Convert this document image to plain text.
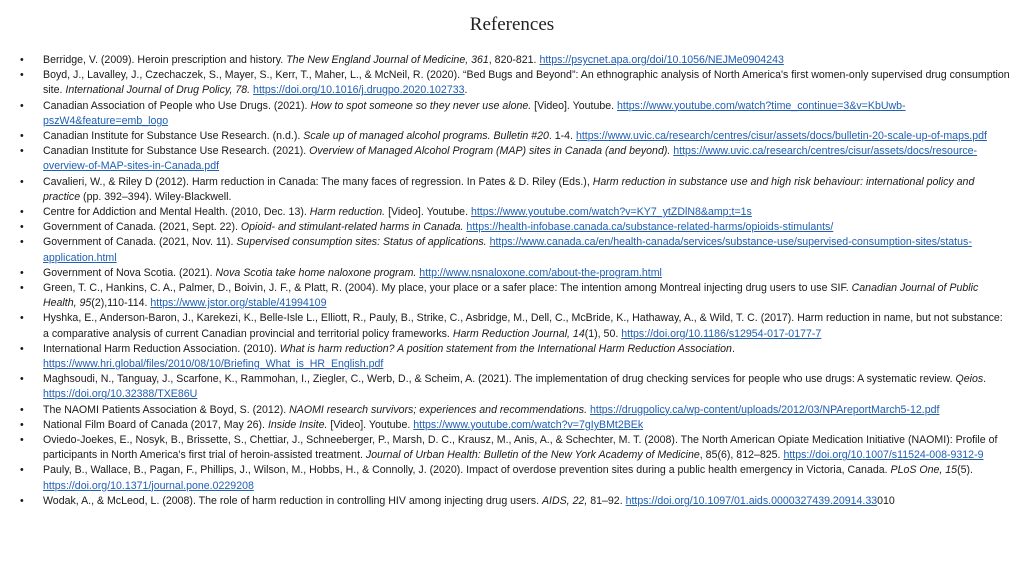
References
• Berridge, V. (2009). Heroin prescription and history. The New England Journal of Medicine, 361, 820-821. https://psycnet.apa.org/doi/10.1056/NEJMe0904243
• Boyd, J., Lavalley, J., Czechaczek, S., Mayer, S., Kerr, T., Maher, L., & McNeil, R. (2020). “Bed Bugs and Beyond”: An ethnographic analysis of North America's first women-only supervised drug consumption site. International Journal of Drug Policy, 78. https://doi.org/10.1016/j.drugpo.2020.102733.
• Canadian Association of People who Use Drugs. (2021). How to spot someone so they never use alone. [Video]. Youtube. https://www.youtube.com/watch?time_continue=3&v=KbUwb-pszW4&feature=emb_logo
• Canadian Institute for Substance Use Research. (n.d.). Scale up of managed alcohol programs. Bulletin #20. 1-4. https://www.uvic.ca/research/centres/cisur/assets/docs/bulletin-20-scale-up-of-maps.pdf
• Canadian Institute for Substance Use Research. (2021). Overview of Managed Alcohol Program (MAP) sites in Canada (and beyond). https://www.uvic.ca/research/centres/cisur/assets/docs/resource-overview-of-MAP-sites-in-Canada.pdf
• Cavalieri, W., & Riley D (2012). Harm reduction in Canada: The many faces of regression. In Pates & D. Riley (Eds.), Harm reduction in substance use and high risk behaviour: international policy and practice (pp. 392–394). Wiley-Blackwell.
• Centre for Addiction and Mental Health. (2010, Dec. 13). Harm reduction. [Video]. Youtube. https://www.youtube.com/watch?v=KY7_ytZDlN8&amp;t=1s
• Government of Canada. (2021, Sept. 22). Opioid- and stimulant-related harms in Canada. https://health-infobase.canada.ca/substance-related-harms/opioids-stimulants/
• Government of Canada. (2021, Nov. 11). Supervised consumption sites: Status of applications. https://www.canada.ca/en/health-canada/services/substance-use/supervised-consumption-sites/status-application.html
• Government of Nova Scotia. (2021). Nova Scotia take home naloxone program. http://www.nsnaloxone.com/about-the-program.html
• Green, T. C., Hankins, C. A., Palmer, D., Boivin, J. F., & Platt, R. (2004). My place, your place or a safer place: The intention among Montreal injecting drug users to use SIF. Canadian Journal of Public Health, 95(2),110-114. https://www.jstor.org/stable/41994109
• Hyshka, E., Anderson-Baron, J., Karekezi, K., Belle-Isle L., Elliott, R., Pauly, B., Strike, C., Asbridge, M., Dell, C., McBride, K., Hathaway, A., & Wild, T. C. (2017). Harm reduction in name, but not substance: a comparative analysis of current Canadian provincial and territorial policy frameworks. Harm Reduction Journal, 14(1), 50. https://doi.org/10.1186/s12954-017-0177-7
• International Harm Reduction Association. (2010). What is harm reduction? A position statement from the International Harm Reduction Association. https://www.hri.global/files/2010/08/10/Briefing_What_is_HR_English.pdf
• Maghsoudi, N., Tanguay, J., Scarfone, K., Rammohan, I., Ziegler, C., Werb, D., & Scheim, A. (2021). The implementation of drug checking services for people who use drugs: A systematic review. Qeios. https://doi.org/10.32388/TXE86U
• The NAOMI Patients Association & Boyd, S. (2012). NAOMI research survivors; experiences and recommendations. https://drugpolicy.ca/wp-content/uploads/2012/03/NPAreportMarch5-12.pdf
• National Film Board of Canada (2017, May 26). Inside Insite. [Video]. Youtube. https://www.youtube.com/watch?v=7gIyBMt2BEk
• Oviedo-Joekes, E., Nosyk, B., Brissette, S., Chettiar, J., Schneeberger, P., Marsh, D. C., Krausz, M., Anis, A., & Schechter, M. T. (2008). The North American Opiate Medication Initiative (NAOMI): Profile of participants in North America's first trial of heroin-assisted treatment. Journal of Urban Health: Bulletin of the New York Academy of Medicine, 85(6), 812–825. https://doi.org/10.1007/s11524-008-9312-9
• Pauly, B., Wallace, B., Pagan, F., Phillips, J., Wilson, M., Hobbs, H., & Connolly, J. (2020). Impact of overdose prevention sites during a public health emergency in Victoria, Canada. PLoS One, 15(5). https://doi.org/10.1371/journal.pone.0229208
• Wodak, A., & McLeod, L. (2008). The role of harm reduction in controlling HIV among injecting drug users. AIDS, 22, 81–92. https://doi.org/10.1097/01.aids.0000327439.20914.33010
